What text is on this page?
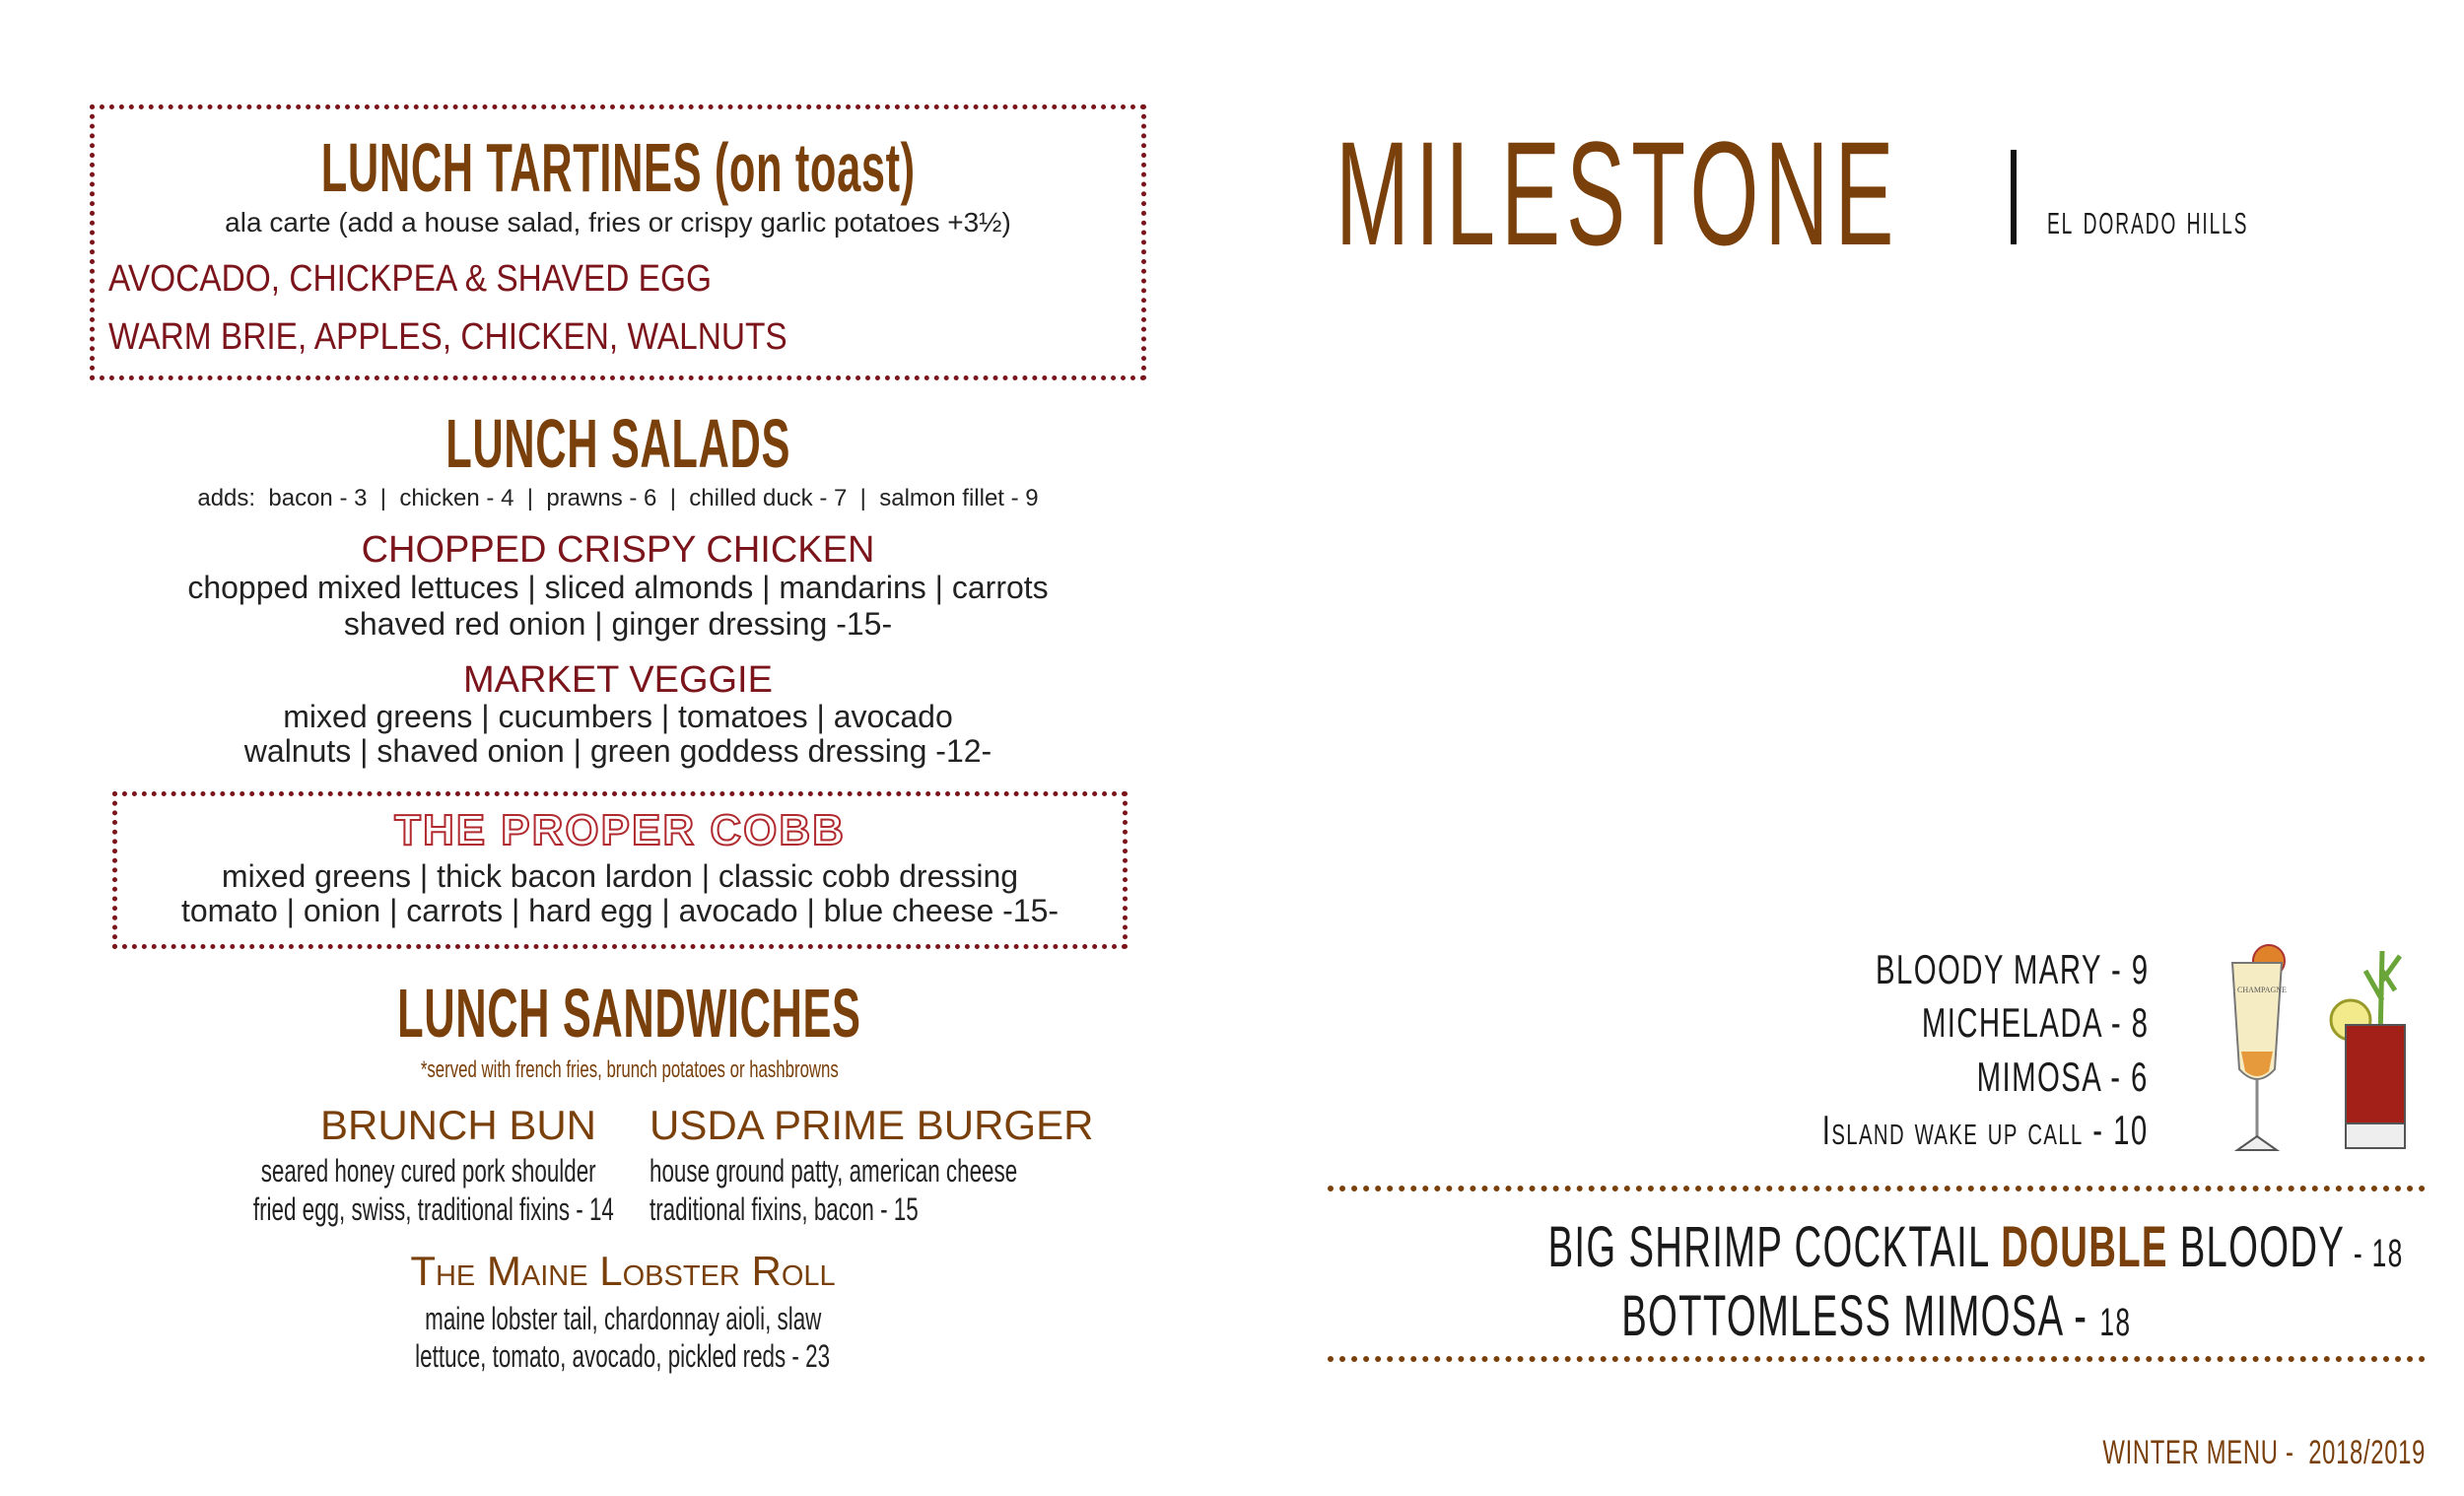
LUNCH TARTINES (on toast)
ala carte (add a house salad, fries or crispy garlic potatoes +3½)
AVOCADO, CHICKPEA & SHAVED EGG
WARM BRIE, APPLES, CHICKEN, WALNUTS
LUNCH SALADS
adds:  bacon - 3  |  chicken - 4  |  prawns - 6  |  chilled duck - 7  |  salmon fillet - 9
CHOPPED CRISPY CHICKEN
chopped mixed lettuces | sliced almonds | mandarins | carrots
shaved red onion | ginger dressing -15-
MARKET VEGGIE
mixed greens | cucumbers | tomatoes | avocado
walnuts | shaved onion | green goddess dressing -12-
THE PROPER COBB
mixed greens | thick bacon lardon | classic cobb dressing
tomato | onion | carrots | hard egg | avocado | blue cheese -15-
LUNCH SANDWICHES
*served with french fries, brunch potatoes or hashbrowns
BRUNCH BUN
seared honey cured pork shoulder
fried egg, swiss, traditional fixins - 14
USDA PRIME BURGER
house ground patty, american cheese
traditional fixins, bacon - 15
The Maine Lobster Roll
maine lobster tail, chardonnay aioli, slaw
lettuce, tomato, avocado, pickled reds - 23
MILESTONE	el dorado hills
BLOODY MARY - 9
MICHELADA - 8
MIMOSA - 6
Island wake up call - 10
CHAMPAGNE
BIG SHRIMP COCKTAIL DOUBLE BLOODY - 18
BOTTOMLESS MIMOSA - 18
WINTER MENU -  2018/2019
